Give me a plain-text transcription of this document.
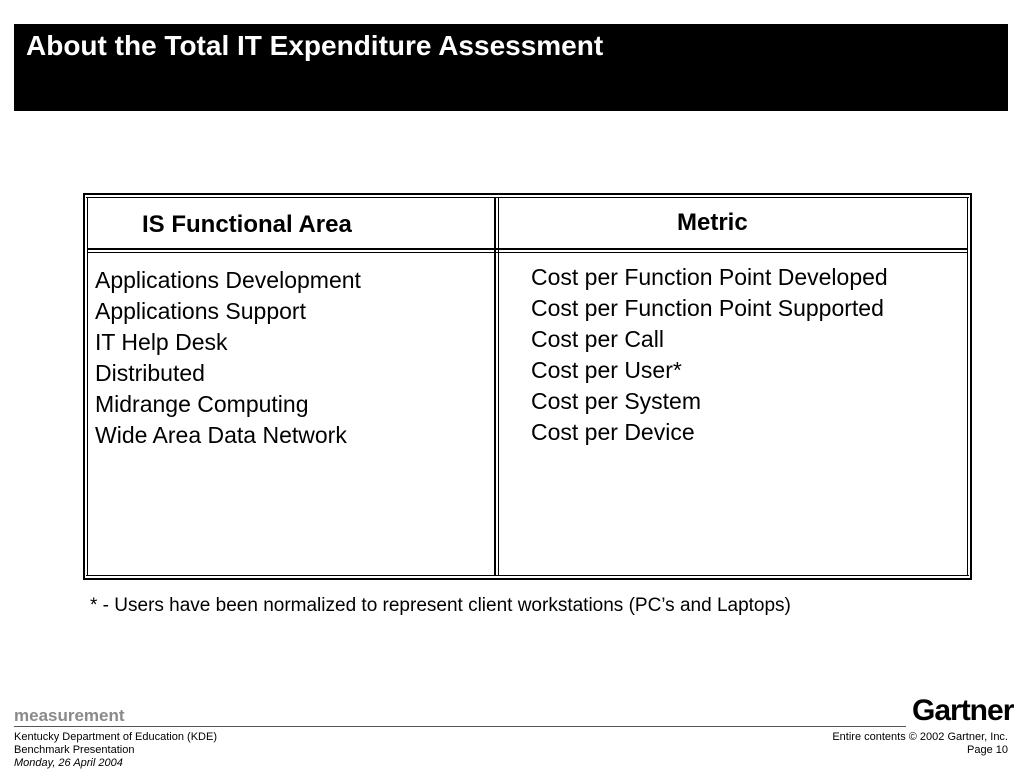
About the Total IT Expenditure Assessment
IS Functional Area	Metric
Applications Development
Applications Support
IT Help Desk
Distributed
Midrange Computing
Wide Area Data Network
Cost per Function Point Developed
Cost per Function Point Supported
Cost per Call
Cost per User*
Cost per System
Cost per Device
* - Users have been normalized to represent client workstations (PC’s and Laptops)
measurement	Gartner
Kentucky Department of Education (KDE)
Benchmark Presentation
Monday, 26 April 2004
Entire contents © 2002 Gartner, Inc.
Page 10
